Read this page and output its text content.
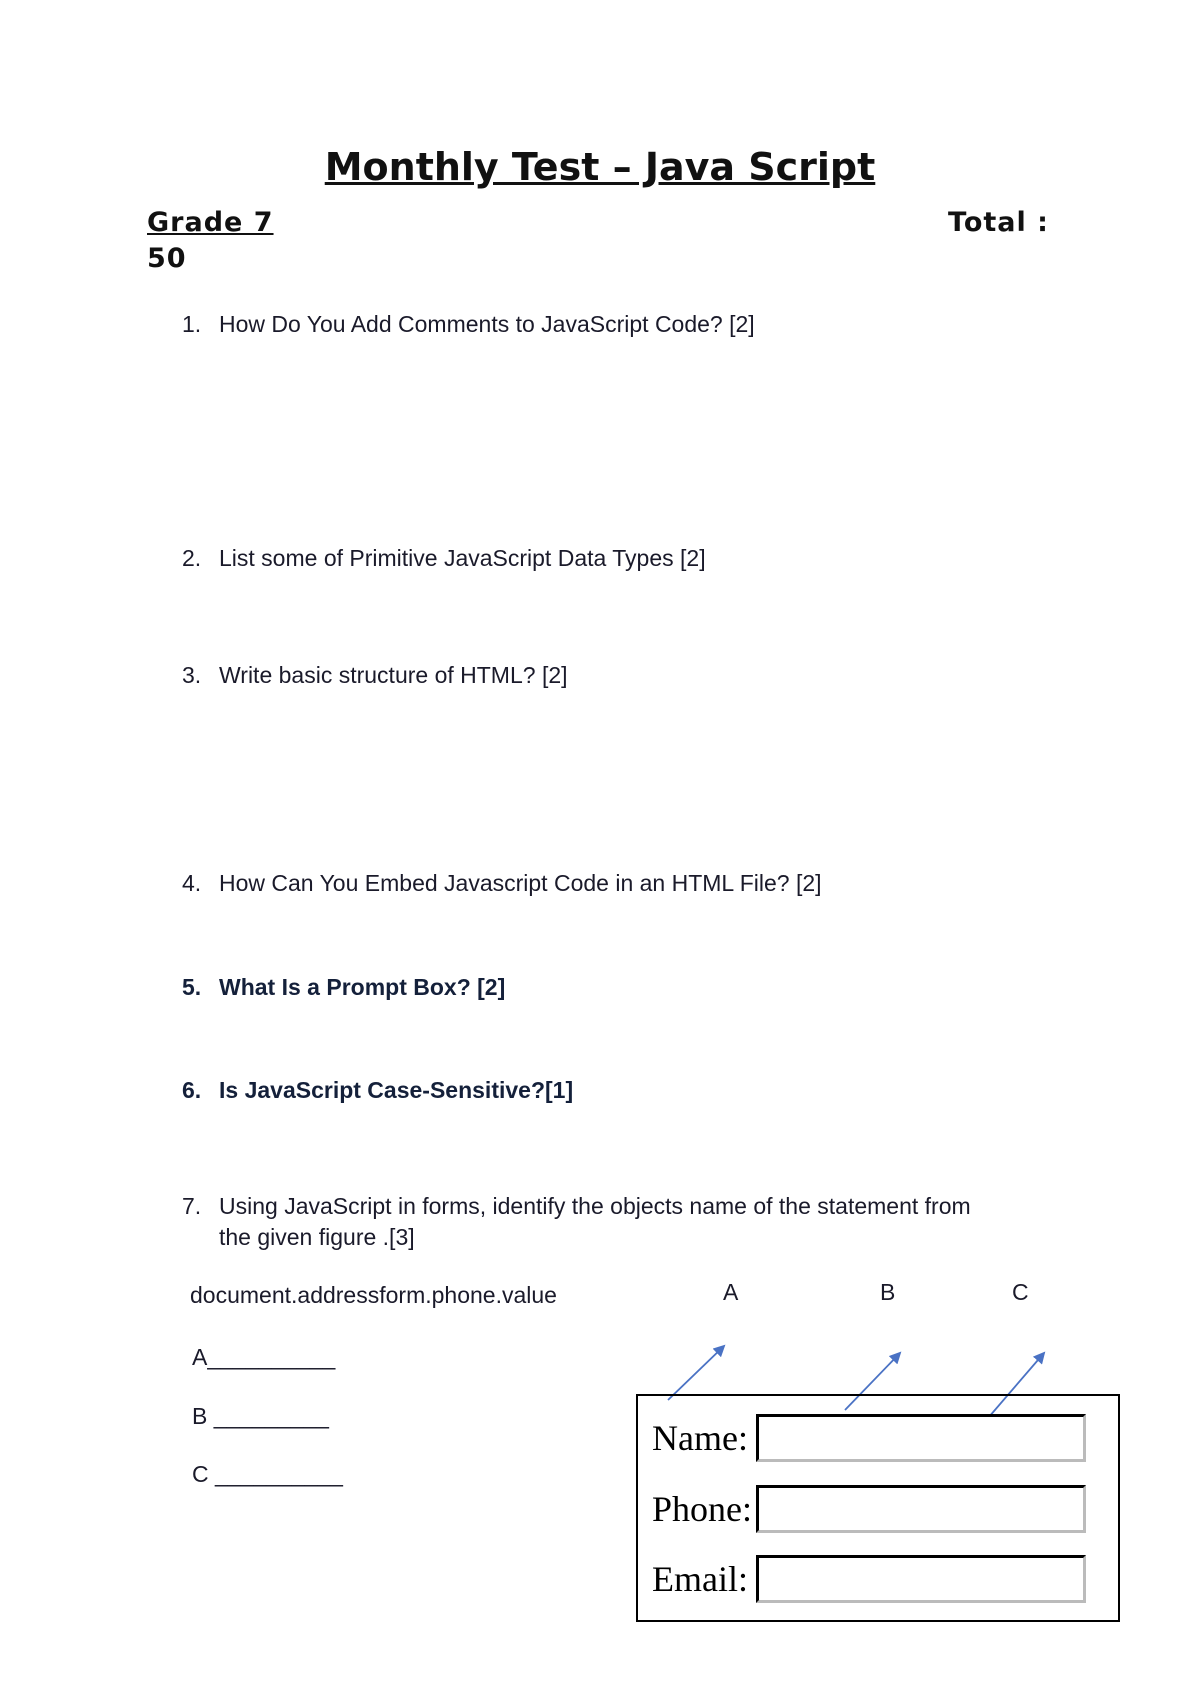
Monthly Test – Java Script
Grade 7	Total :
50
1. How Do You Add Comments to JavaScript Code? [2]
2. List some of Primitive JavaScript Data Types [2]
3. Write basic structure of HTML? [2]
4. How Can You Embed Javascript Code in an HTML File? [2]
5. What Is a Prompt Box? [2]
6. Is JavaScript Case-Sensitive?[1]
7. Using JavaScript in forms, identify the objects name of the statement from
the given figure .[3]
document.addressform.phone.value	A	B	C
A__________
B _________
C __________
Name:
Phone:
Email:
